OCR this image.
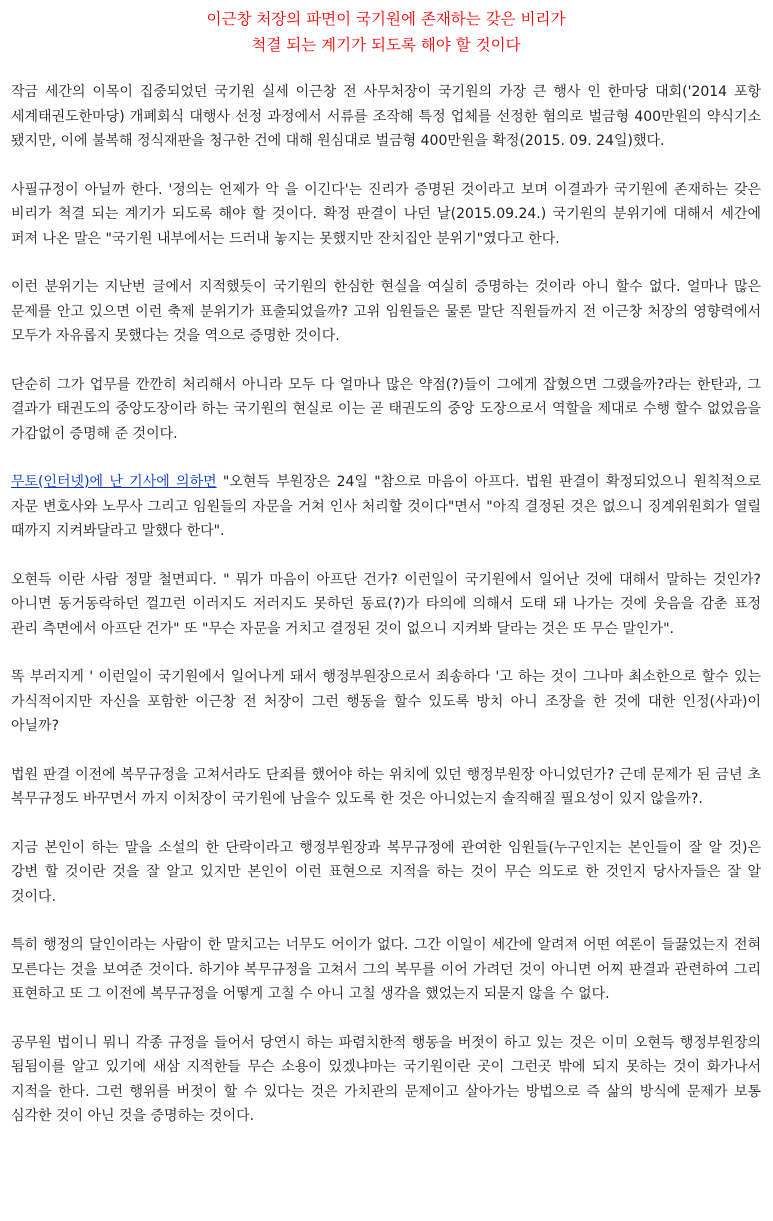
이근창 처장의 파면이 국기원에 존재하는 갖은 비리가
척결 되는 계기가 되도록 해야 할 것이다

작금 세간의 이목이 집중되었던 국기원 실세 이근창 전 사무처장이 국기원의 가장 큰 행사 인 한마당 대회('2014 포항 세계태권도한마당) 개폐회식 대행사 선정 과정에서 서류를 조작해 특정 업체를 선정한 혐의로 벌금형 400만원의 약식기소 됐지만, 이에 불복해 정식재판을 청구한 건에 대해 원심대로 벌금형 400만원을 확정(2015. 09. 24일)했다.

사필규정이 아닐까 한다. '정의는 언제가 악 을 이긴다'는 진리가 증명된 것이라고 보며 이결과가 국기원에 존재하는 갖은 비리가 척결 되는 계기가 되도록 해야 할 것이다. 확정 판결이 나던 날(2015.09.24.) 국기원의 분위기에 대해서 세간에 퍼져 나온 말은 "국기원 내부에서는 드러내 놓지는 못했지만 잔치집안 분위기"였다고 한다.

이런 분위기는 지난번 글에서 지적했듯이 국기원의 한심한 현실을 여실히 증명하는 것이라 아니 할수 없다. 얼마나 많은 문제를 안고 있으면 이런 축제 분위기가 표출되었을까? 고위 임원들은 물론 말단 직원들까지 전 이근창 처장의 영향력에서 모두가 자유롭지 못했다는 것을 역으로 증명한 것이다.

단순히 그가 업무를 깐깐히 처리해서 아니라 모두 다 얼마나 많은 약점(?)들이 그에게 잡혔으면 그랬을까?라는 한탄과, 그 결과가 태권도의 중앙도장이라 하는 국기원의 현실로 이는 곧 태권도의 중앙 도장으로서 역할을 제대로 수행 할수 없었음을 가감없이 증명해 준 것이다.

무토(인터넷)에 난 기사에 의하면 "오현득 부원장은 24일 "참으로 마음이 아프다. 법원 판결이 확정되었으니 원칙적으로 자문 변호사와 노무사 그리고 임원들의 자문을 거쳐 인사 처리할 것이다"면서 "아직 결정된 것은 없으니 징계위원회가 열릴 때까지 지켜봐달라고 말했다 한다".

오현득 이란 사람 정말 철면피다. " 뭐가 마음이 아프단 건가? 이런일이 국기원에서 일어난 것에 대해서 말하는 것인가? 아니면 동거동락하던 껄끄런 이러지도 저러지도 못하던 동료(?)가 타의에 의해서 도태 돼 나가는 것에 웃음을 감춘 표정 관리 측면에서 아프단 건가" 또 "무슨 자문을 거치고 결정된 것이 없으니 지켜봐 달라는 것은 또 무슨 말인가".

똑 부러지게 ' 이런일이 국기원에서 일어나게 돼서 행정부원장으로서 죄송하다 '고 하는 것이 그나마 최소한으로 할수 있는 가식적이지만 자신을 포함한 이근창 전 처장이 그런 행동을 할수 있도록 방치 아니 조장을 한 것에 대한 인정(사과)이 아닐까?

법원 판결 이전에 복무규정을 고쳐서라도 단죄를 했어야 하는 위치에 있던 행정부원장 아니었던가? 근데 문제가 된 금년 초 복무규정도 바꾸면서 까지 이처장이 국기원에 남을수 있도록 한 것은 아니었는지 솔직해질 필요성이 있지 않을까?.

지금 본인이 하는 말을 소설의 한 단락이라고 행정부원장과 복무규정에 관여한 임원들(누구인지는 본인들이 잘 알 것)은 강변 할 것이란 것을 잘 알고 있지만 본인이 이런 표현으로 지적을 하는 것이 무슨 의도로 한 것인지 당사자들은 잘 알 것이다.

특히 행정의 달인이라는 사람이 한 말치고는 너무도 어이가 없다. 그간 이일이 세간에 알려져 어떤 여론이 들끓었는지 전혀 모른다는 것을 보여준 것이다. 하기야 복무규정을 고쳐서 그의 복무를 이어 가려던 것이 아니면 어찌 판결과 관련하여 그리 표현하고 또 그 이전에 복무규정을 어떻게 고칠 수 아니 고칠 생각을 했었는지 되묻지 않을 수 없다.

공무원 법이니 뭐니 각종 규정을 들어서 당연시 하는 파렴치한적 행동을 버젓이 하고 있는 것은 이미 오현득 행정부원장의 됨됨이를 알고 있기에 새삼 지적한들 무슨 소용이 있겠냐마는 국기원이란 곳이 그런곳 밖에 되지 못하는 것이 화가나서 지적을 한다. 그런 행위를 버젓이 할 수 있다는 것은 가치관의 문제이고 살아가는 방법으로 즉 삶의 방식에 문제가 보통 심각한 것이 아닌 것을 증명하는 것이다.
